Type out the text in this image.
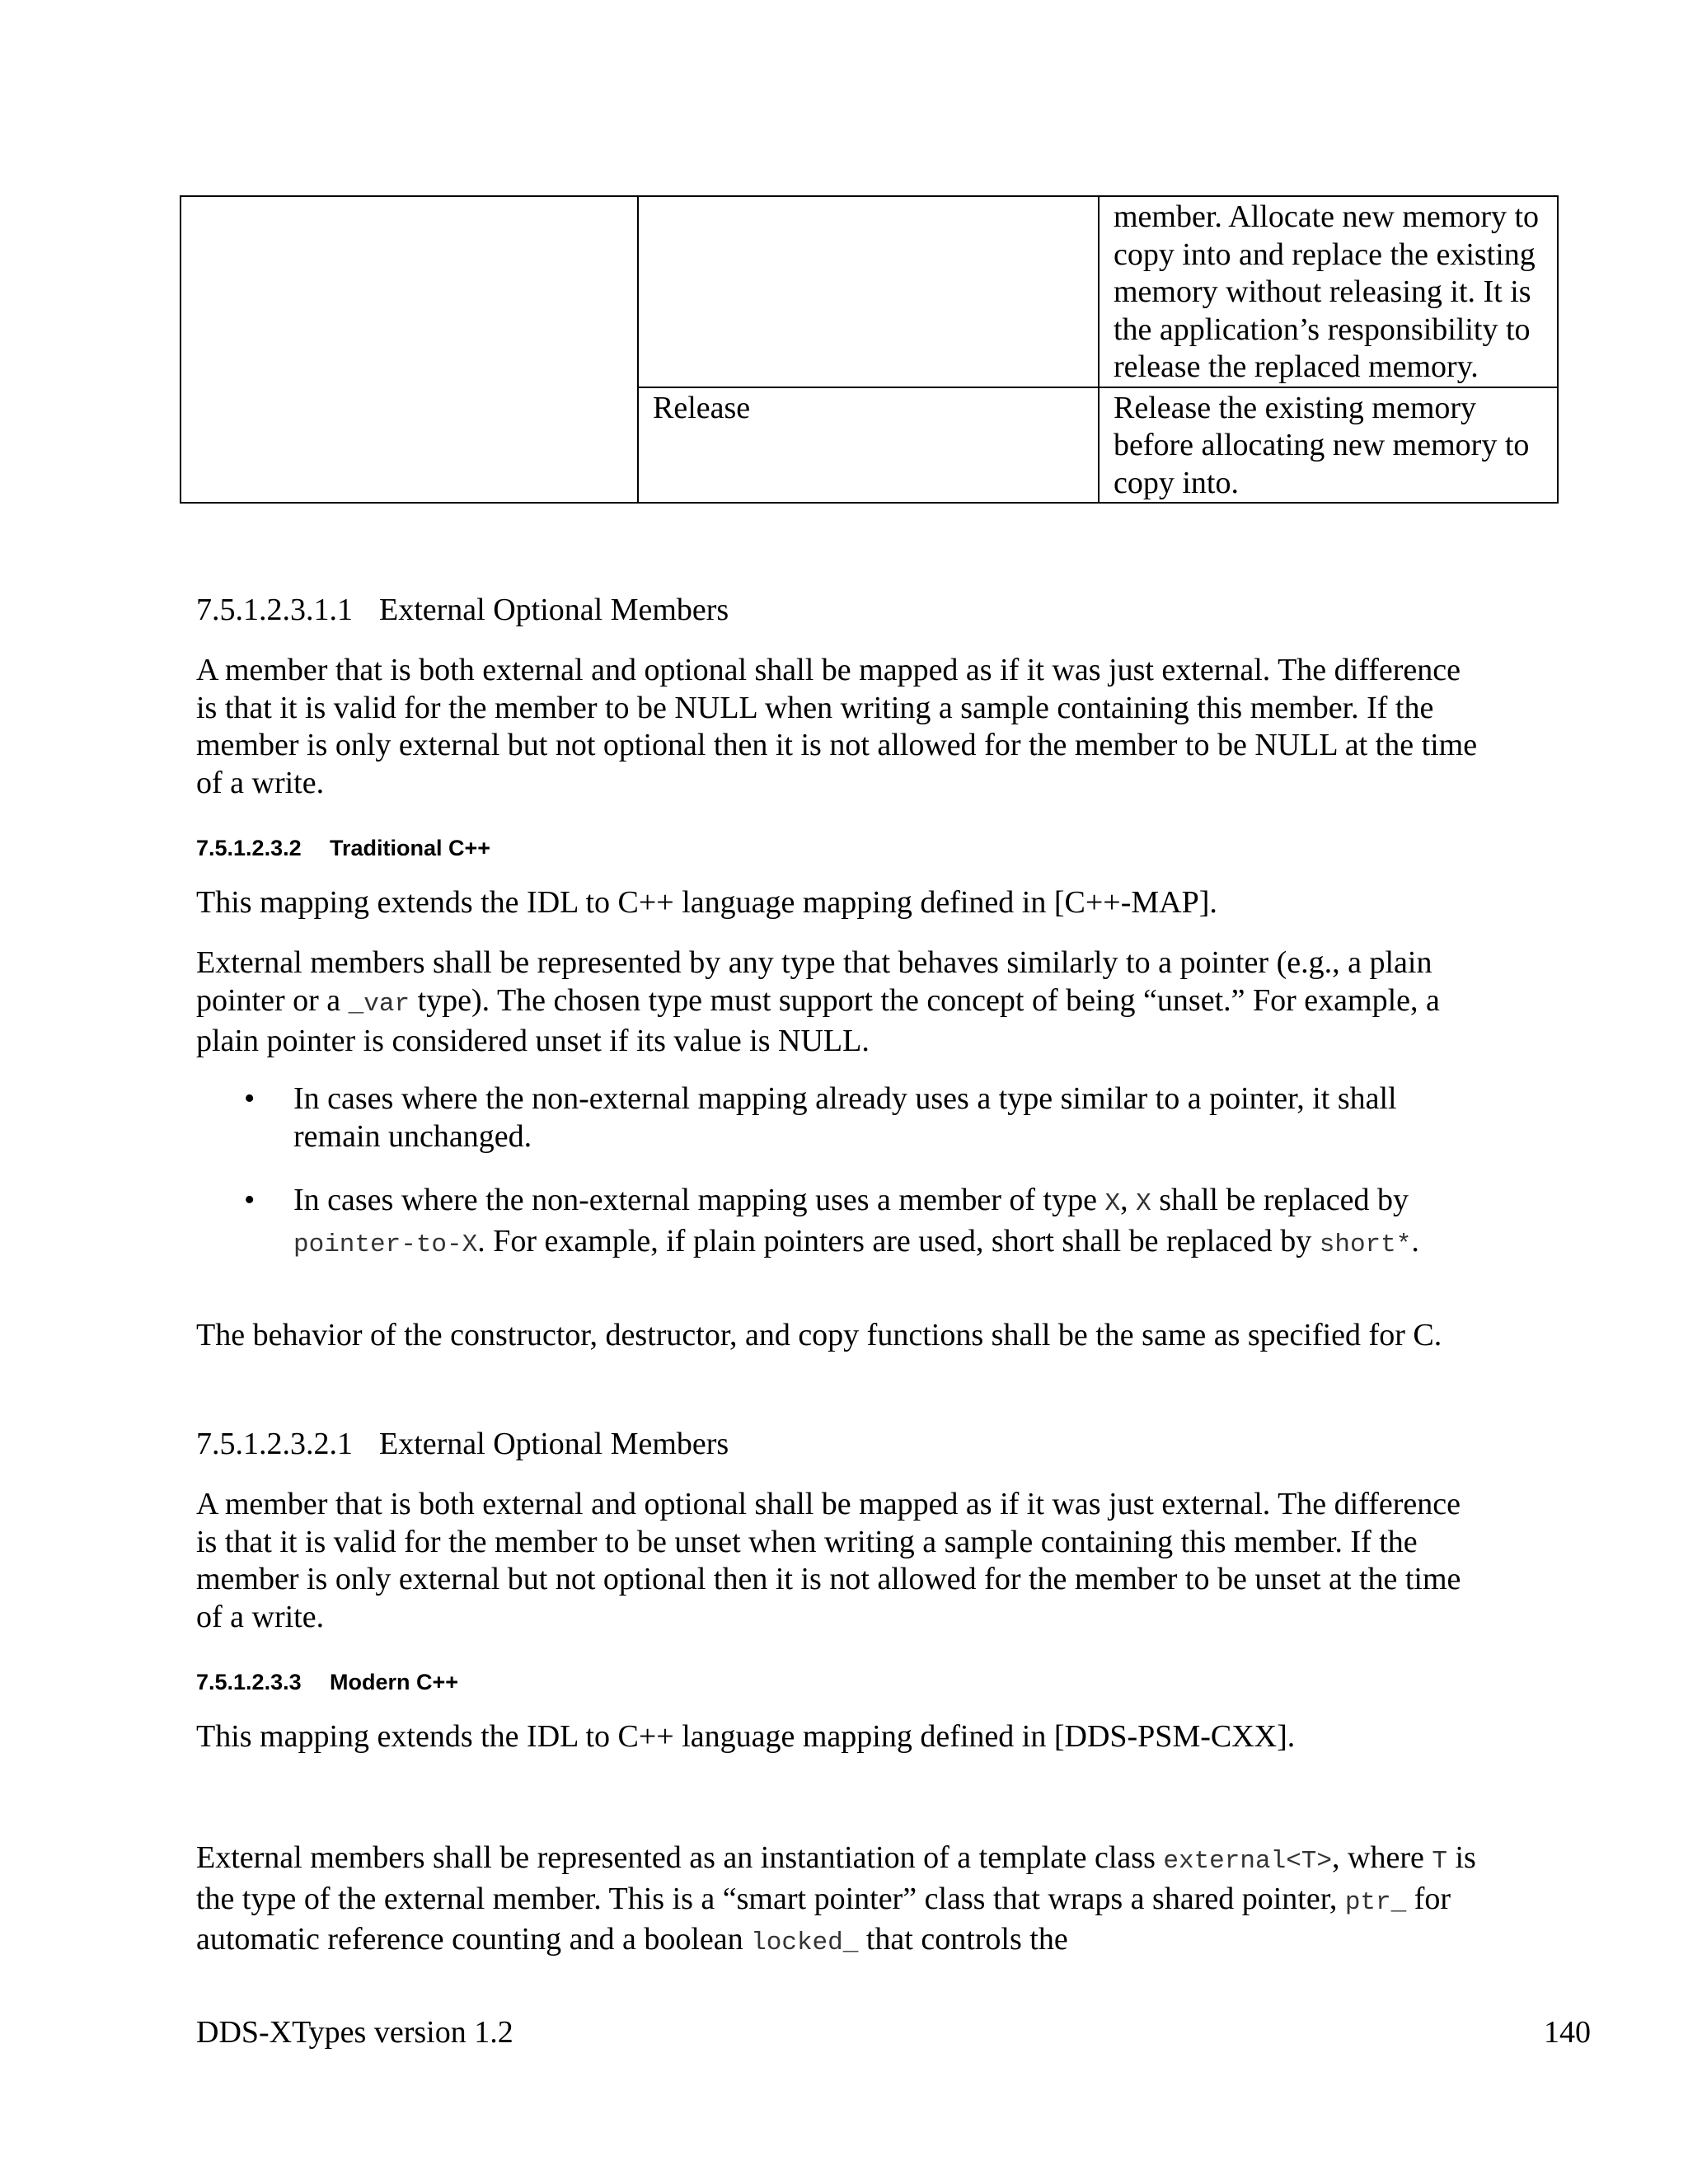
		member. Allocate new memory to copy into and replace the existing memory without releasing it. It is the application’s responsibility to release the replaced memory.
	Release	Release the existing memory before allocating new memory to copy into.

7.5.1.2.3.1.1 External Optional Members

A member that is both external and optional shall be mapped as if it was just external. The difference is that it is valid for the member to be NULL when writing a sample containing this member. If the member is only external but not optional then it is not allowed for the member to be NULL at the time of a write.

7.5.1.2.3.2 Traditional C++

This mapping extends the IDL to C++ language mapping defined in [C++-MAP].

External members shall be represented by any type that behaves similarly to a pointer (e.g., a plain pointer or a _var type). The chosen type must support the concept of being “unset.” For example, a plain pointer is considered unset if its value is NULL.

• In cases where the non-external mapping already uses a type similar to a pointer, it shall remain unchanged.
• In cases where the non-external mapping uses a member of type X, X shall be replaced by pointer-to-X. For example, if plain pointers are used, short shall be replaced by short*.

The behavior of the constructor, destructor, and copy functions shall be the same as specified for C.

7.5.1.2.3.2.1 External Optional Members

A member that is both external and optional shall be mapped as if it was just external. The difference is that it is valid for the member to be unset when writing a sample containing this member. If the member is only external but not optional then it is not allowed for the member to be unset at the time of a write.

7.5.1.2.3.3 Modern C++

This mapping extends the IDL to C++ language mapping defined in [DDS-PSM-CXX].

External members shall be represented as an instantiation of a template class external<T>, where T is the type of the external member. This is a “smart pointer” class that wraps a shared pointer, ptr_ for automatic reference counting and a boolean locked_ that controls the

DDS-XTypes version 1.2	140
